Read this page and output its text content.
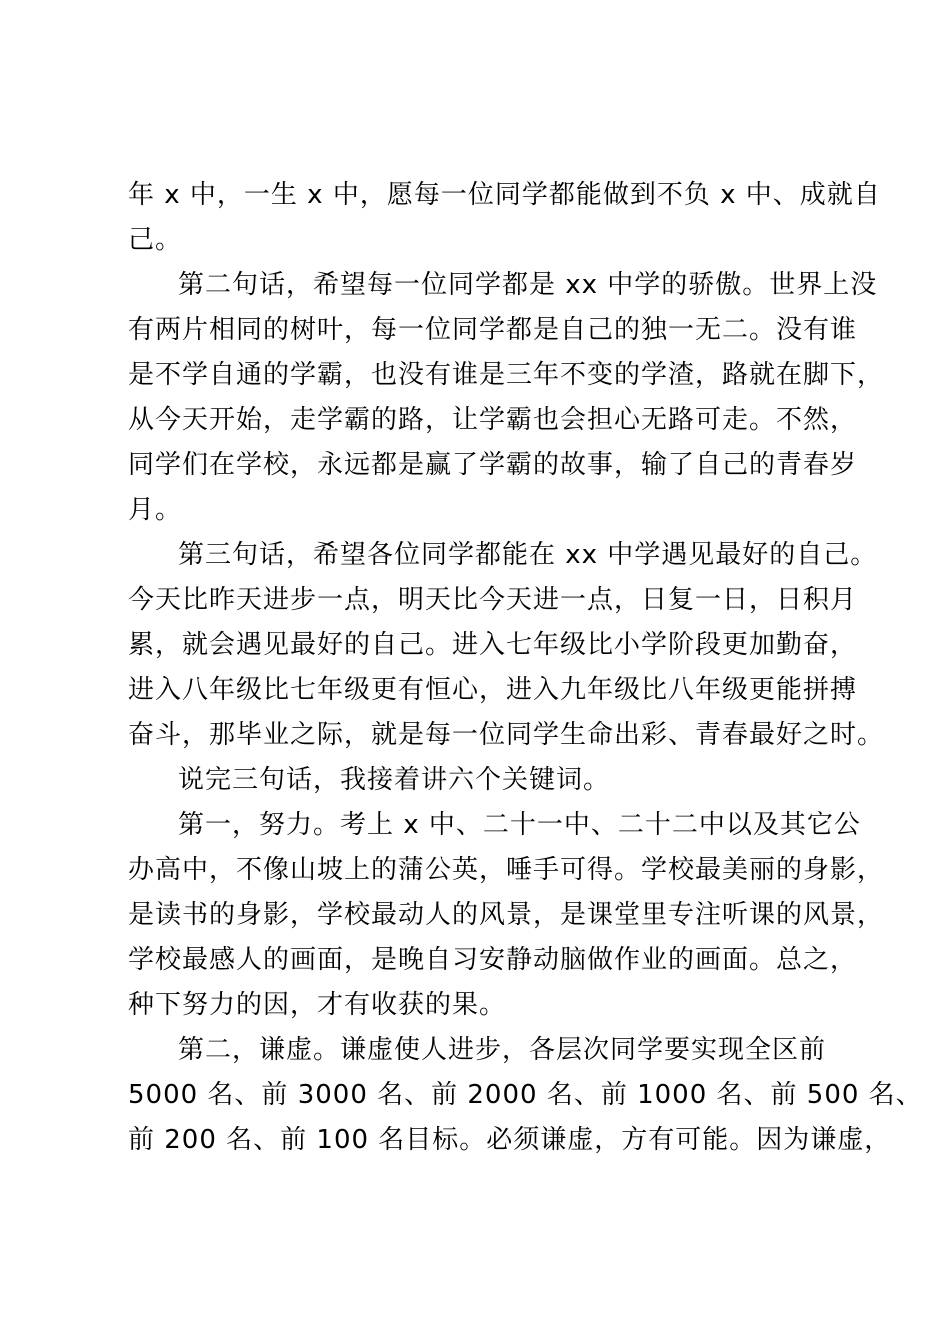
年 x 中，一生 x 中，愿每一位同学都能做到不负 x 中、成就自

己。

第二句话，希望每一位同学都是 xx 中学的骄傲。世界上没

有两片相同的树叶，每一位同学都是自己的独一无二。没有谁

是不学自通的学霸，也没有谁是三年不变的学渣，路就在脚下，

从今天开始，走学霸的路，让学霸也会担心无路可走。不然，

同学们在学校，永远都是赢了学霸的故事，输了自己的青春岁

月。

第三句话，希望各位同学都能在 xx 中学遇见最好的自己。

今天比昨天进步一点，明天比今天进一点，日复一日，日积月

累，就会遇见最好的自己。进入七年级比小学阶段更加勤奋，

进入八年级比七年级更有恒心，进入九年级比八年级更能拼搏

奋斗，那毕业之际，就是每一位同学生命出彩、青春最好之时。

说完三句话，我接着讲六个关键词。

第一，努力。考上 x 中、二十一中、二十二中以及其它公

办高中，不像山坡上的蒲公英，唾手可得。学校最美丽的身影，

是读书的身影，学校最动人的风景，是课堂里专注听课的风景，

学校最感人的画面，是晚自习安静动脑做作业的画面。总之，

种下努力的因，才有收获的果。

第二，谦虚。谦虚使人进步，各层次同学要实现全区前

5000 名、前 3000 名、前 2000 名、前 1000 名、前 500 名、

前 200 名、前 100 名目标。必须谦虚，方有可能。因为谦虚，
